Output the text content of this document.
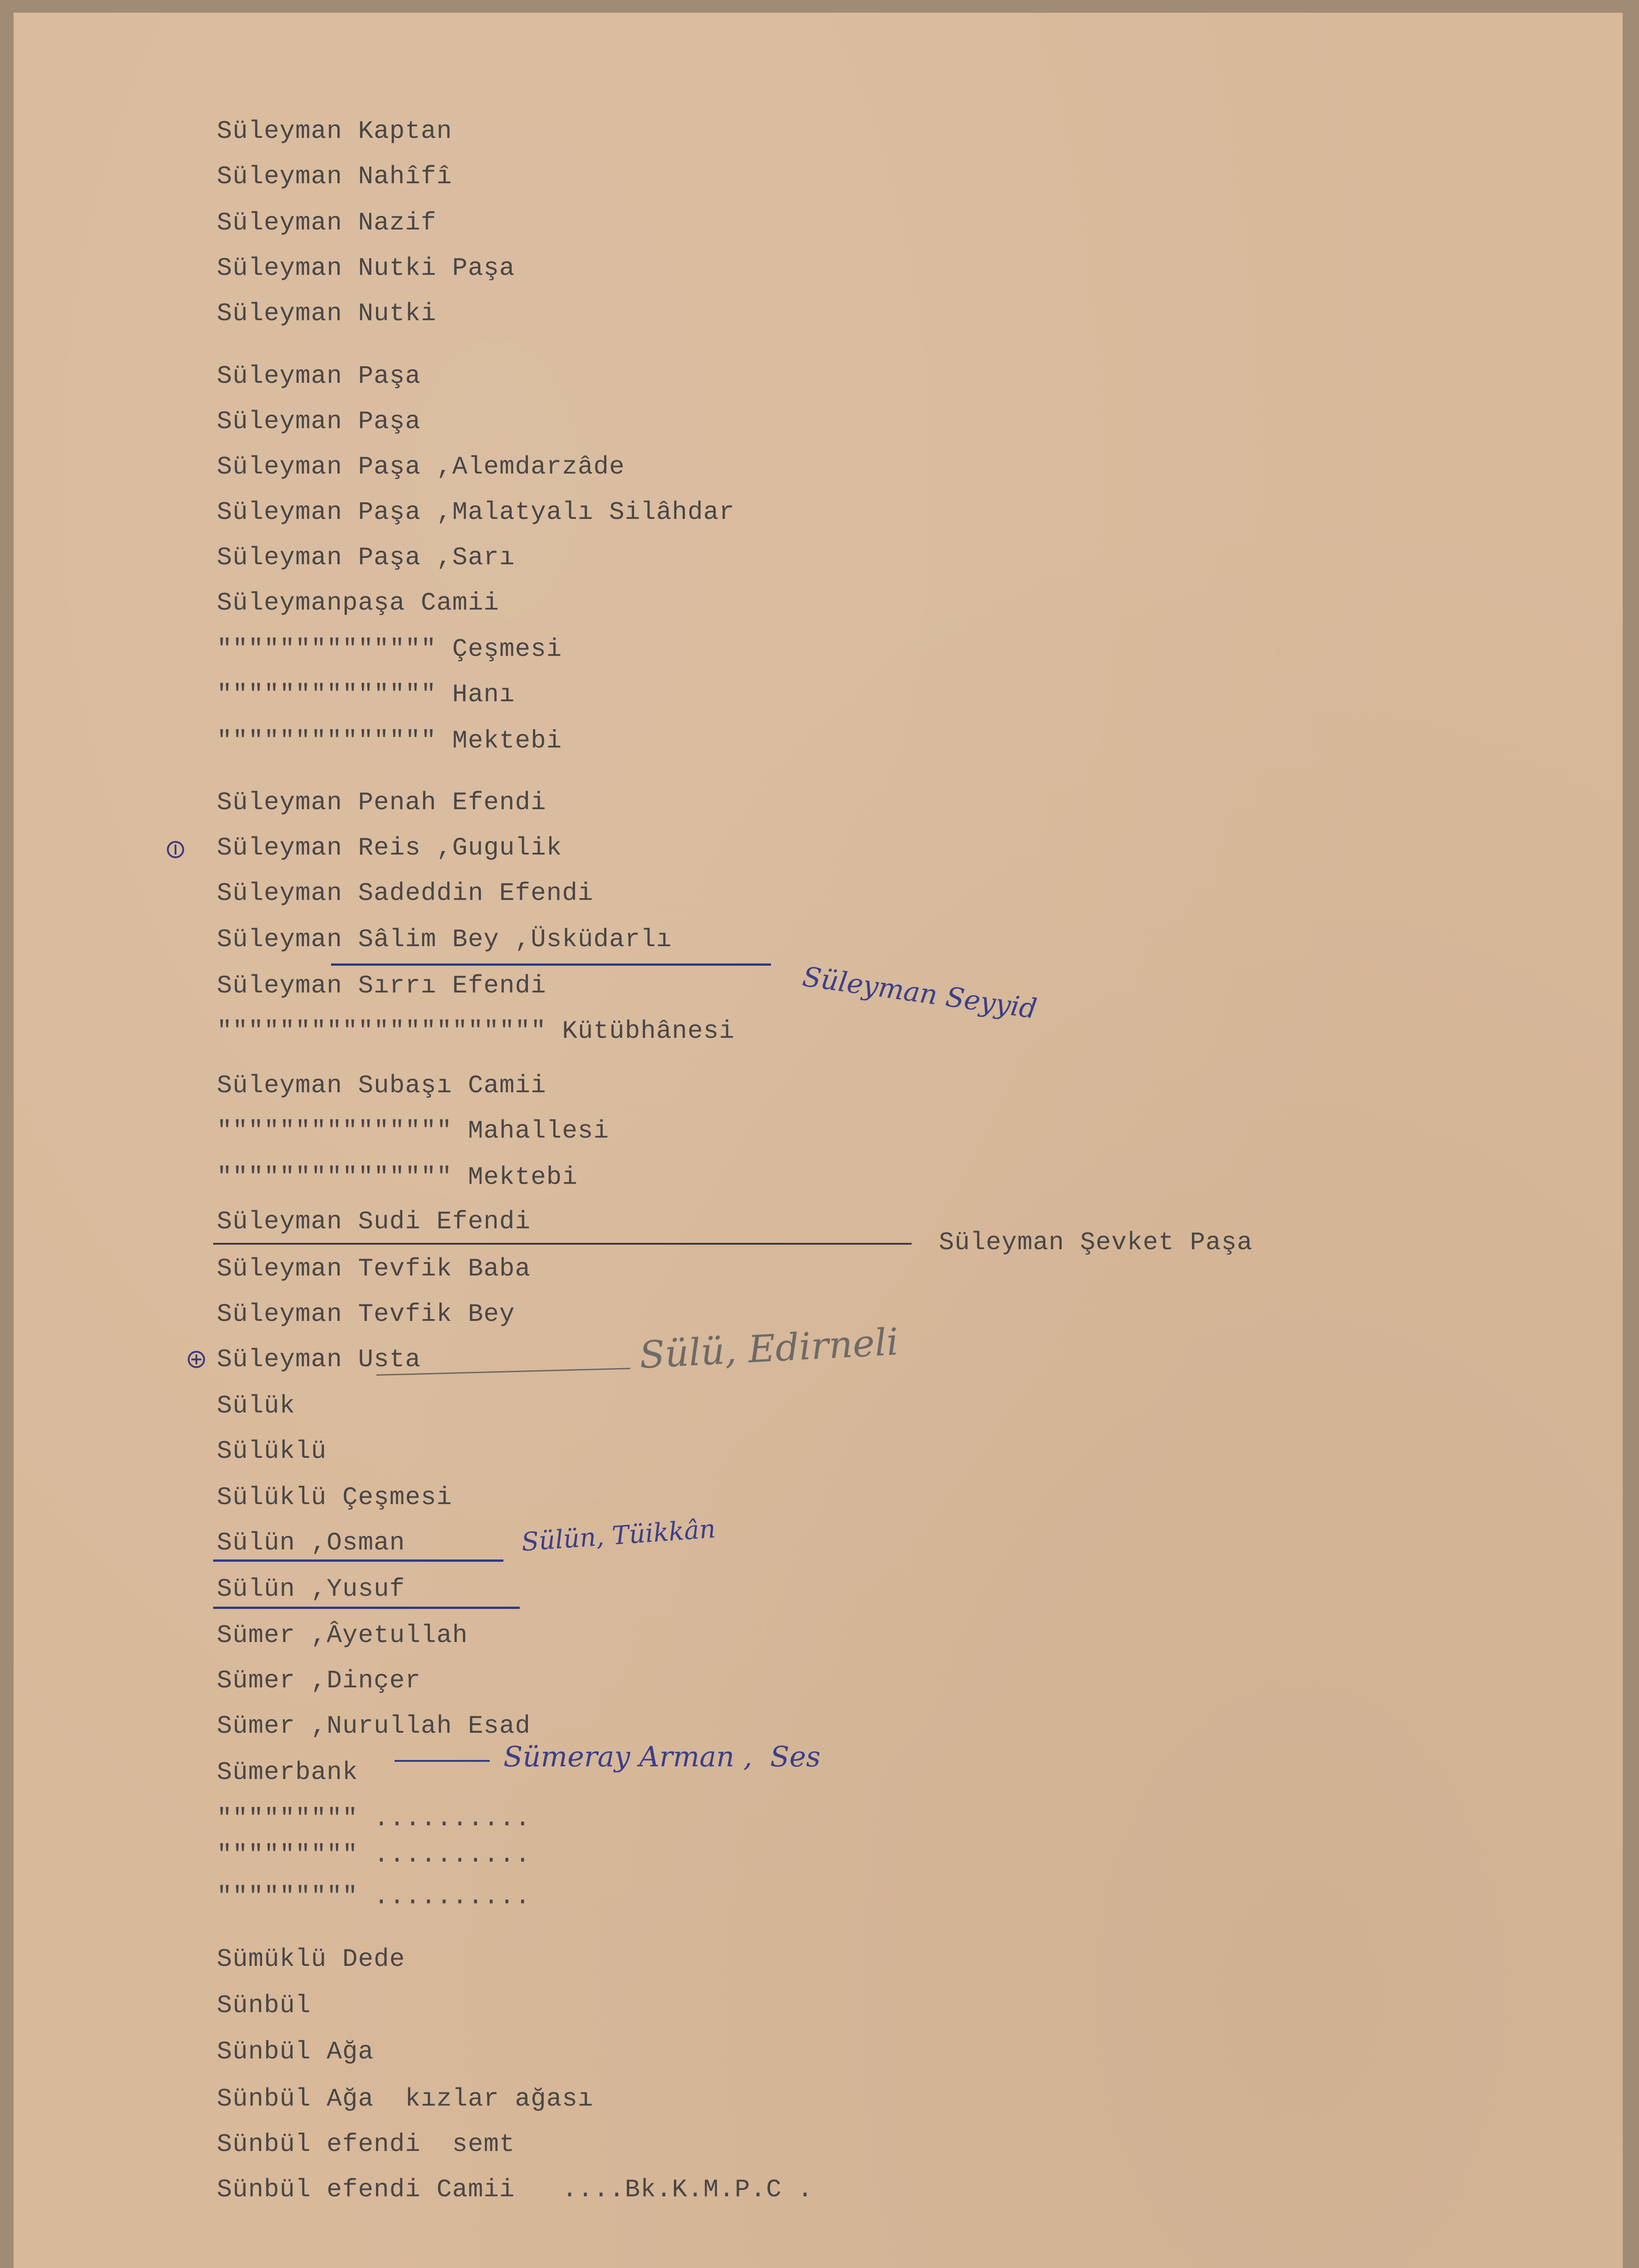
Süleyman Kaptan
Süleyman Nahîfî
Süleyman Nazif
Süleyman Nutki Paşa
Süleyman Nutki
Süleyman Paşa
Süleyman Paşa
Süleyman Paşa ,Alemdarzâde
Süleyman Paşa ,Malatyalı Silâhdar
Süleyman Paşa ,Sarı
Süleymanpaşa Camii
"""""""""""""" Çeşmesi
"""""""""""""" Hanı
"""""""""""""" Mektebi
Süleyman Penah Efendi
Süleyman Reis ,Gugulik
Süleyman Sadeddin Efendi
Süleyman Sâlim Bey ,Üsküdarlı
Süleyman Sırrı Efendi	Süleyman Seyyid
""""""""""""""""""""" Kütübhânesi
Süleyman Subaşı Camii
""""""""""""""" Mahallesi
""""""""""""""" Mektebi
Süleyman Sudi Efendi
Süleyman Şevket Paşa
Süleyman Tevfik Baba
Süleyman Tevfik Bey
Süleyman Usta	Sülü, Edirneli
Sülük
Sülüklü
Sülüklü Çeşmesi
Sülün ,Osman	Sülün, Tüikkân
Sülün ,Yusuf
Sümer ,Âyetullah
Sümer ,Dinçer
Sümer ,Nurullah Esad
Sümerbank	Sümeray Arman ,  Ses
""""""""" ..........
""""""""" ..........
""""""""" ..........
Sümüklü Dede
Sünbül
Sünbül Ağa
Sünbül Ağa  kızlar ağası
Sünbül efendi  semt
Sünbül efendi Camii   ....Bk.K.M.P.C .
